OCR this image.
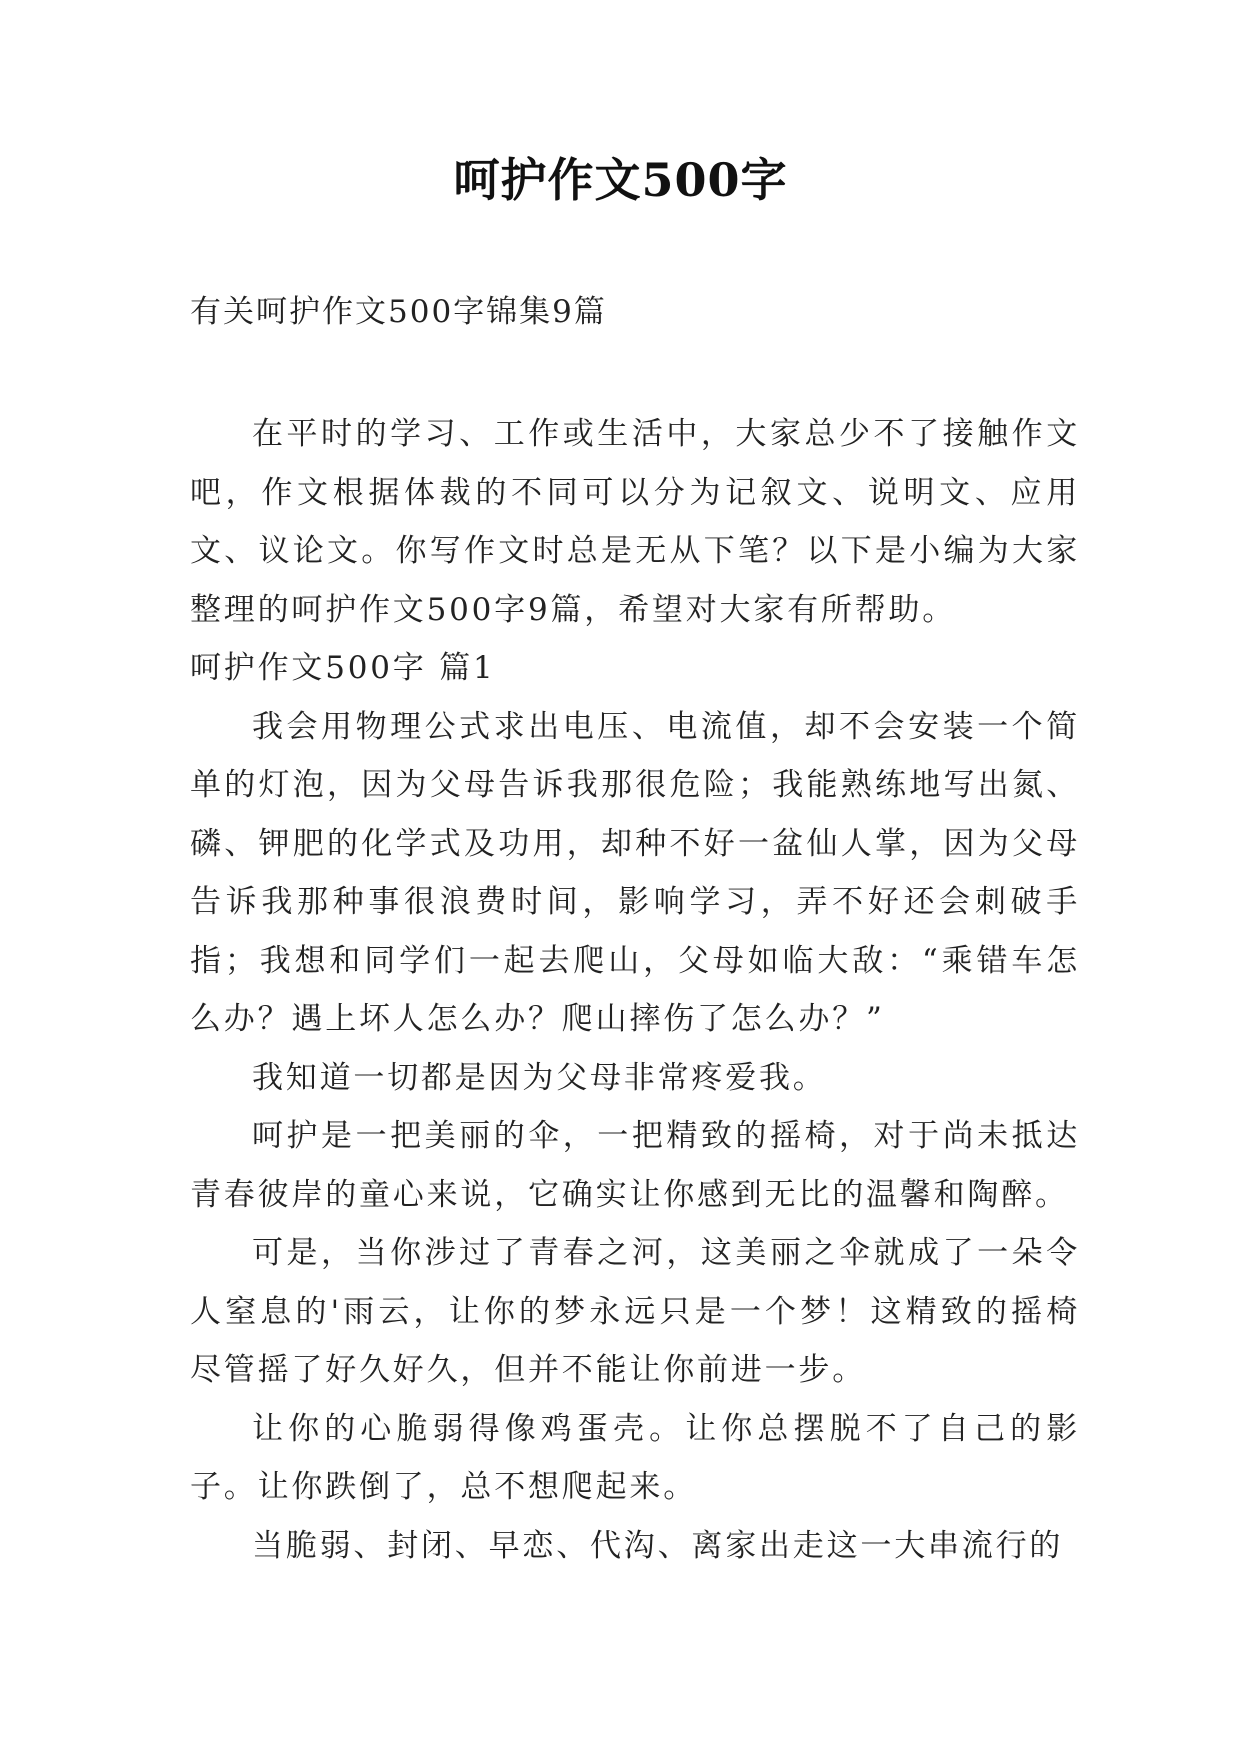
呵护作文500字

有关呵护作文500字锦集9篇

在平时的学习、工作或生活中，大家总少不了接触作文吧，作文根据体裁的不同可以分为记叙文、说明文、应用文、议论文。你写作文时总是无从下笔？以下是小编为大家整理的呵护作文500字9篇，希望对大家有所帮助。

呵护作文500字 篇1

我会用物理公式求出电压、电流值，却不会安装一个简单的灯泡，因为父母告诉我那很危险；我能熟练地写出氮、磷、钾肥的化学式及功用，却种不好一盆仙人掌，因为父母告诉我那种事很浪费时间，影响学习，弄不好还会刺破手指；我想和同学们一起去爬山，父母如临大敌：“乘错车怎么办？遇上坏人怎么办？爬山摔伤了怎么办？”

我知道一切都是因为父母非常疼爱我。

呵护是一把美丽的伞，一把精致的摇椅，对于尚未抵达青春彼岸的童心来说，它确实让你感到无比的温馨和陶醉。

可是，当你涉过了青春之河，这美丽之伞就成了一朵令人窒息的'雨云，让你的梦永远只是一个梦！这精致的摇椅尽管摇了好久好久，但并不能让你前进一步。

让你的心脆弱得像鸡蛋壳。让你总摆脱不了自己的影子。让你跌倒了，总不想爬起来。

当脆弱、封闭、早恋、代沟、离家出走这一大串流行的
